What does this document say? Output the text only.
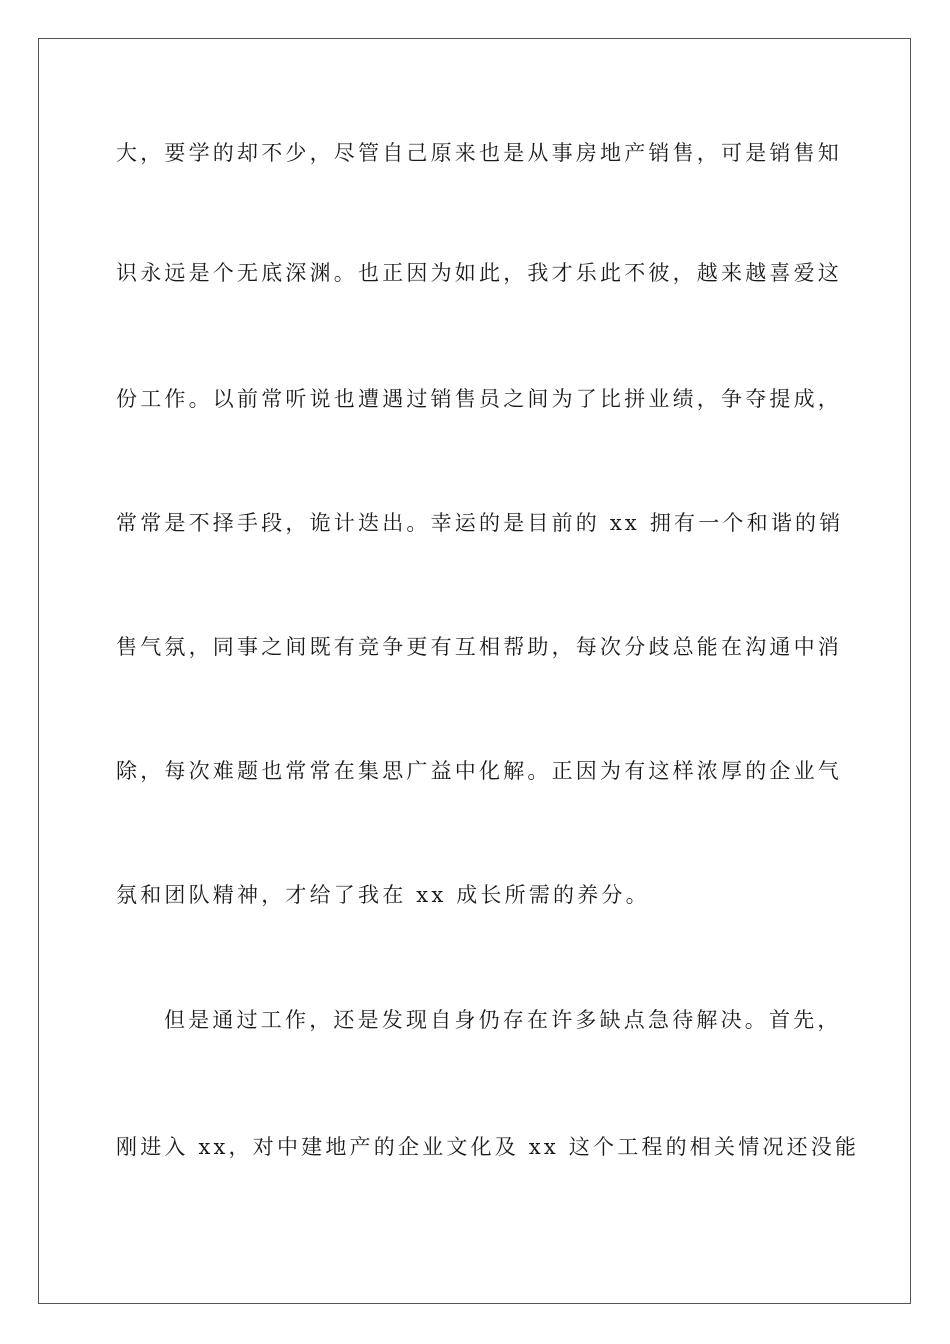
大，要学的却不少，尽管自己原来也是从事房地产销售，可是销售知
识永远是个无底深渊。也正因为如此，我才乐此不彼，越来越喜爱这
份工作。以前常听说也遭遇过销售员之间为了比拼业绩，争夺提成，
常常是不择手段，诡计迭出。幸运的是目前的 xx 拥有一个和谐的销
售气氛，同事之间既有竞争更有互相帮助，每次分歧总能在沟通中消
除，每次难题也常常在集思广益中化解。正因为有这样浓厚的企业气
氛和团队精神，才给了我在 xx 成长所需的养分。
但是通过工作，还是发现自身仍存在许多缺点急待解决。首先，
刚进入 xx，对中建地产的企业文化及 xx 这个工程的相关情况还没能
